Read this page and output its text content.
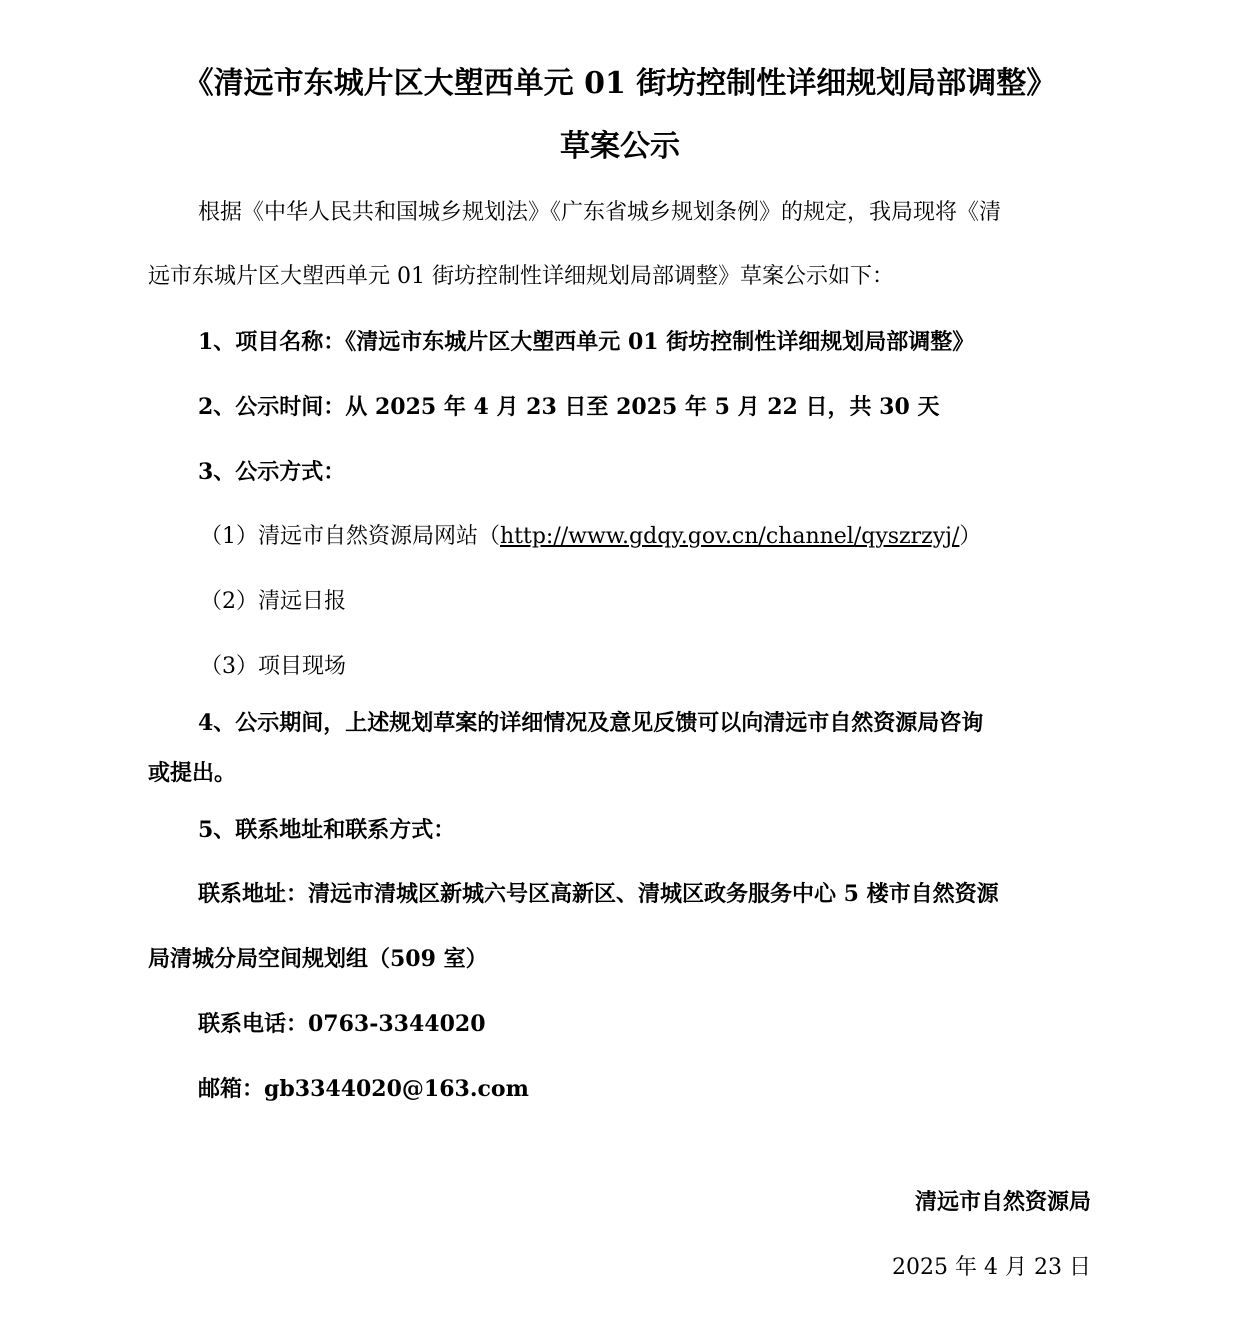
《清远市东城片区大塱西单元 01 街坊控制性详细规划局部调整》
草案公示
根据《中华人民共和国城乡规划法》《广东省城乡规划条例》的规定，我局现将《清
远市东城片区大塱西单元 01 街坊控制性详细规划局部调整》草案公示如下：
1、项目名称：《清远市东城片区大塱西单元 01 街坊控制性详细规划局部调整》
2、公示时间：从 2025 年 4 月 23 日至 2025 年 5 月 22 日，共 30 天
3、公示方式：
（1）清远市自然资源局网站（http://www.gdqy.gov.cn/channel/qyszrzyj/）
（2）清远日报
（3）项目现场
4、公示期间，上述规划草案的详细情况及意见反馈可以向清远市自然资源局咨询
或提出。
5、联系地址和联系方式：
联系地址：清远市清城区新城六号区高新区、清城区政务服务中心 5 楼市自然资源
局清城分局空间规划组（509 室）
联系电话：0763-3344020
邮箱：gb3344020@163.com
清远市自然资源局
2025 年 4 月 23 日
